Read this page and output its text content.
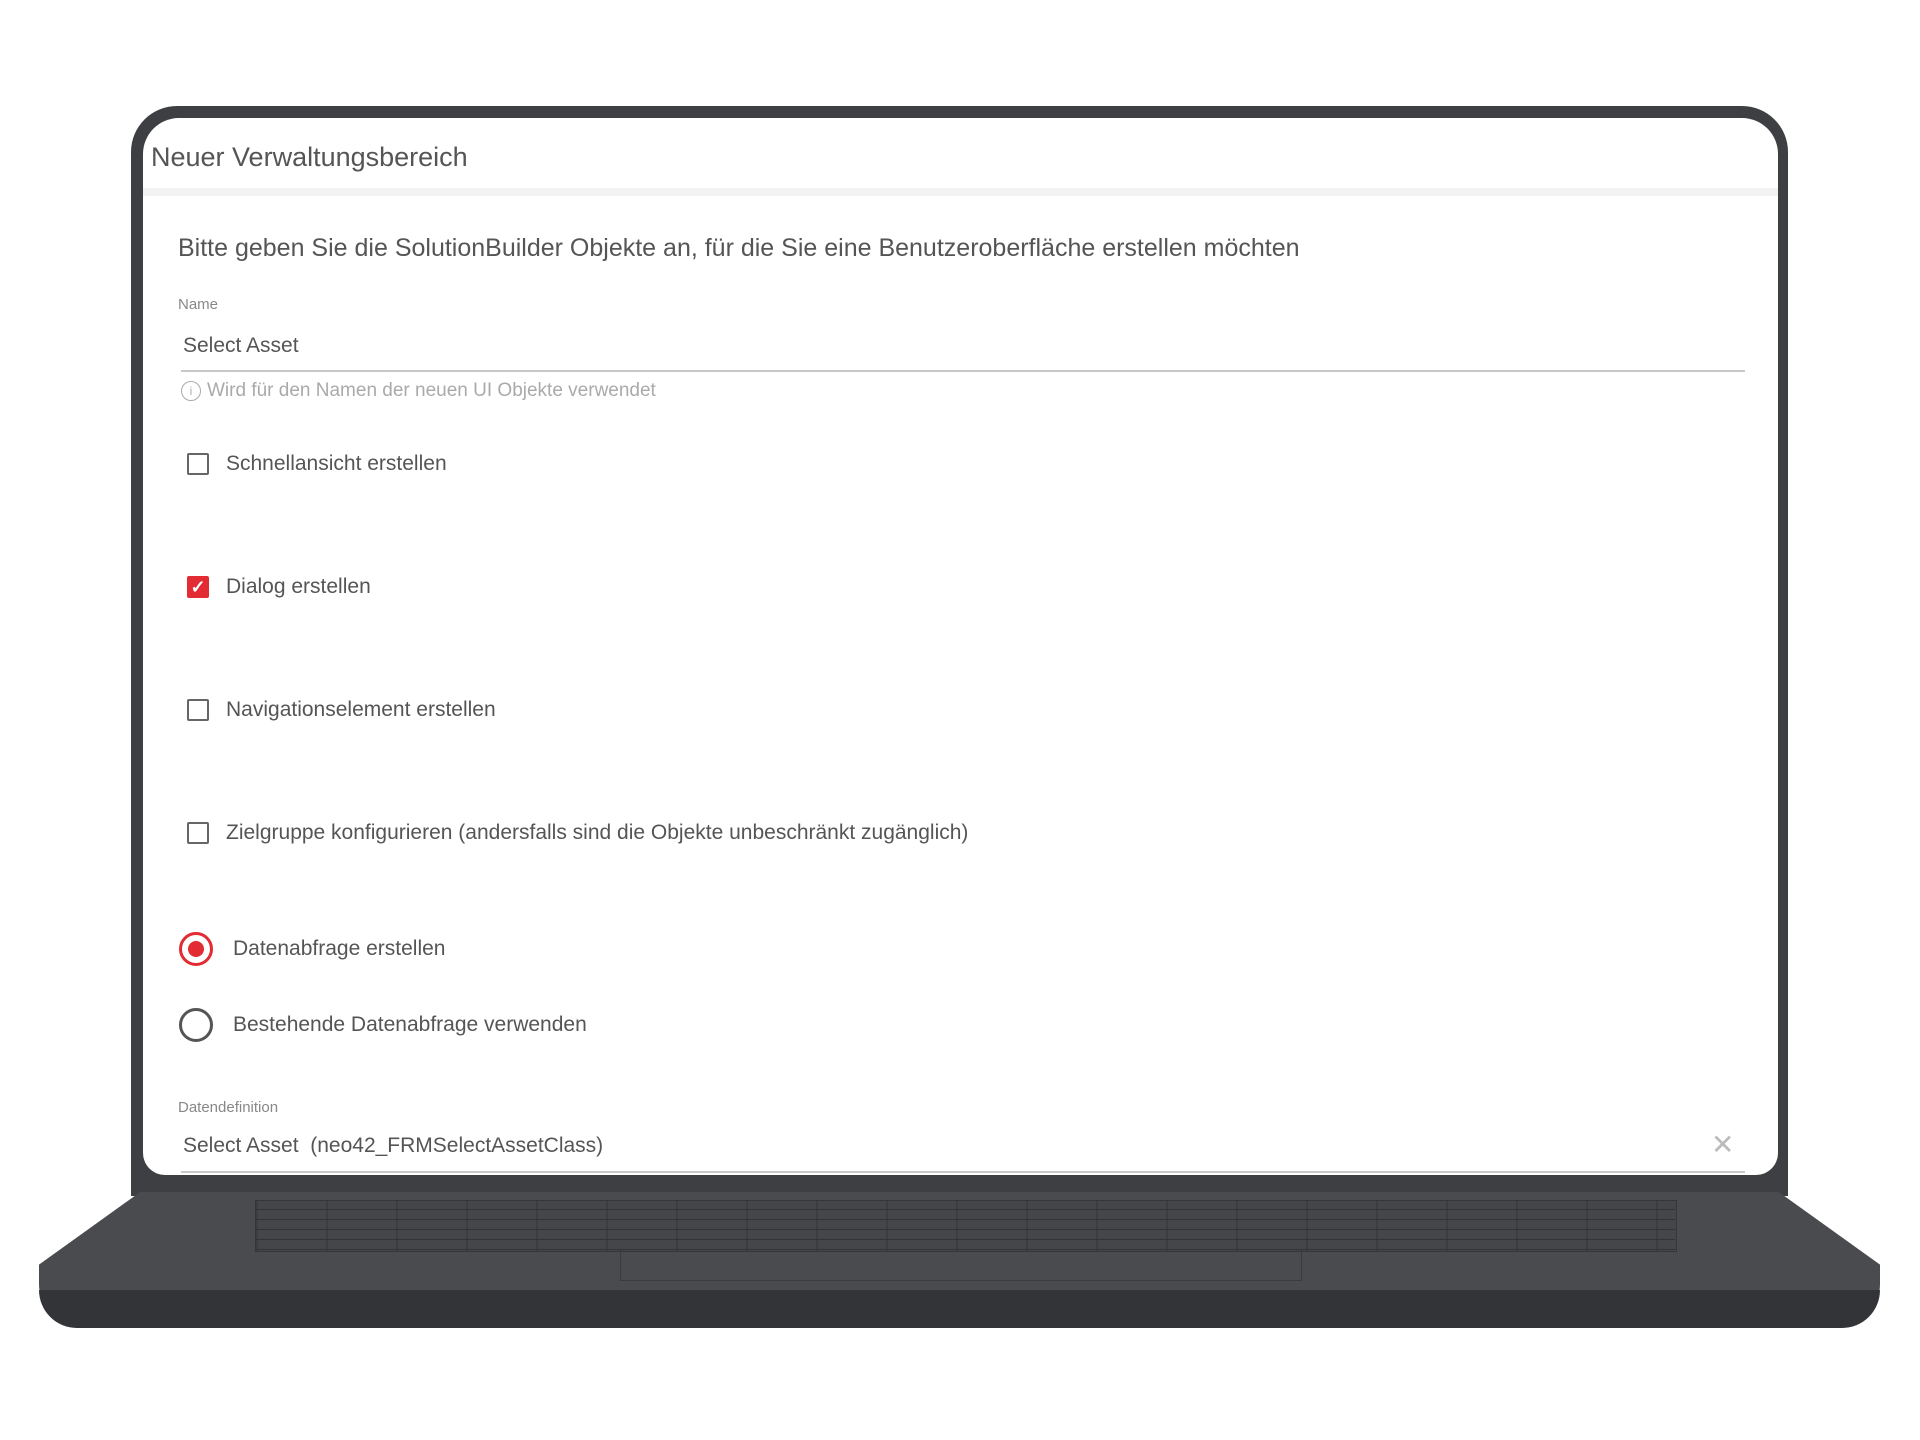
Neuer Verwaltungsbereich
Bitte geben Sie die SolutionBuilder Objekte an, für die Sie eine Benutzeroberfläche erstellen möchten
Name
Select Asset
i Wird für den Namen der neuen UI Objekte verwendet
Schnellansicht erstellen
✓ Dialog erstellen
Navigationselement erstellen
Zielgruppe konfigurieren (andersfalls sind die Objekte unbeschränkt zugänglich)
Datenabfrage erstellen
Bestehende Datenabfrage verwenden
Datendefinition
Select Asset  (neo42_FRMSelectAssetClass)	✕
